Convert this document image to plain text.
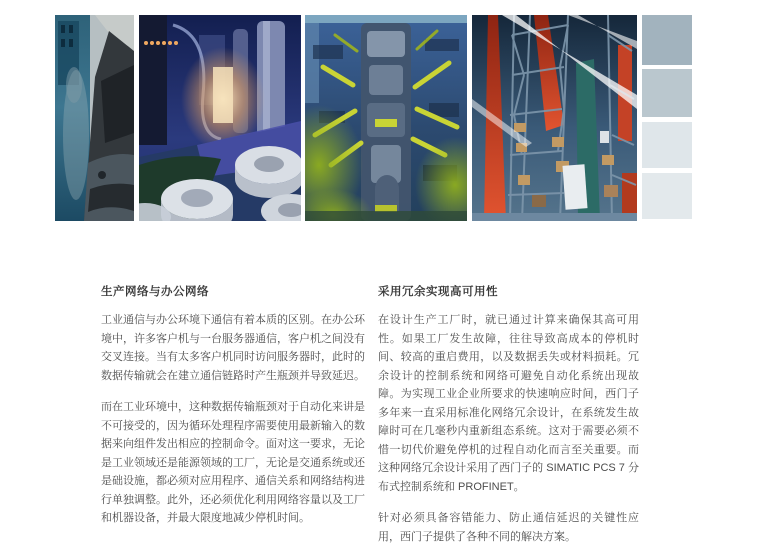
生产网络与办公网络

工业通信与办公环境下通信有着本质的区别。在办公环境中，许多客户机与一台服务器通信，客户机之间没有交叉连接。当有太多客户机同时访问服务器时，此时的数据传输就会在建立通信链路时产生瓶颈并导致延迟。

而在工业环境中，这种数据传输瓶颈对于自动化来讲是不可接受的，因为循环处理程序需要使用最新输入的数据来向组件发出相应的控制命令。面对这一要求，无论是工业领域还是能源领域的工厂，无论是交通系统或还是础设施，都必须对应用程序、通信关系和网络结构进行单独调整。此外，还必须优化利用网络容量以及工厂和机器设备，并最大限度地减少停机时间。

采用冗余实现高可用性

在设计生产工厂时，就已通过计算来确保其高可用性。如果工厂发生故障，往往导致高成本的停机时间、较高的重启费用，以及数据丢失或材料损耗。冗余设计的控制系统和网络可避免自动化系统出现故障。为实现工业企业所要求的快速响应时间，西门子多年来一直采用标准化网络冗余设计，在系统发生故障时可在几毫秒内重新组态系统。这对于需要必须不惜一切代价避免停机的过程自动化而言至关重要。而这种网络冗余设计采用了西门子的 SIMATIC PCS 7 分布式控制系统和 PROFINET。

针对必须具备容错能力、防止通信延迟的关键性应用，西门子提供了各种不同的解决方案。
